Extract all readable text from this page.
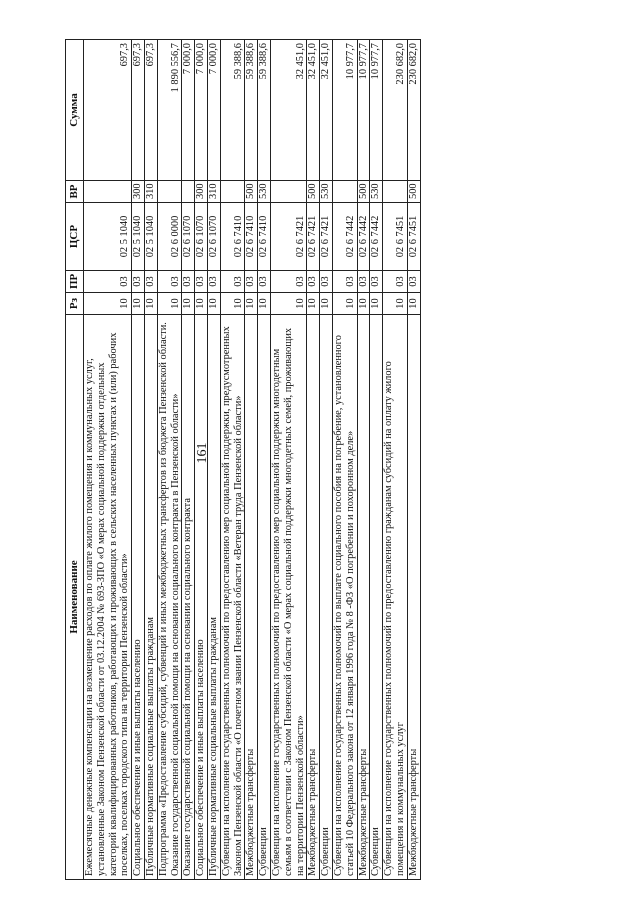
161
Наименование	Рз	ПР	ЦСР	ВР	Сумма
Ежемесячные денежные компенсации на возмещение расходов по оплате жилого помещения и коммунальных услуг, установленные Законом Пензенской области от 03.12.2004 № 693-ЗПО «О мерах социальной поддержки отдельных категорий квалифицированных работников, работающих и проживающих в сельских населенных пунктах и (или) рабочих поселках, поселках городского типа на территории Пензенской области»	10	03	02 5 1040		697,3
Социальное обеспечение и иные выплаты населению	10	03	02 5 1040	300	697,3
Публичные нормативные социальные выплаты гражданам	10	03	02 5 1040	310	697,3
Подпрограмма «Предоставление субсидий, субвенций и иных межбюджетных трансфертов из бюджета Пензенской области. Оказание государственной социальной помощи на основании социального контракта в Пензенской области»	10	03	02 6 0000		1 890 556,7
Оказание государственной социальной помощи на основании социального контракта	10	03	02 6 1070		7 000,0
Социальное обеспечение и иные выплаты населению	10	03	02 6 1070	300	7 000,0
Публичные нормативные социальные выплаты гражданам	10	03	02 6 1070	310	7 000,0
Субвенции на исполнение государственных полномочий по предоставлению мер социальной поддержки, предусмотренных Законом Пензенской области «О почетном звании Пензенской области «Ветеран труда Пензенской области»	10	03	02 6 7410		59 388,6
Межбюджетные трансферты	10	03	02 6 7410	500	59 388,6
Субвенции	10	03	02 6 7410	530	59 388,6
Субвенции на исполнение государственных полномочий по предоставлению мер социальной поддержки многодетным семьям в соответствии с Законом Пензенской области «О мерах социальной поддержки многодетных семей, проживающих на территории Пензенской области»	10	03	02 6 7421		32 451,0
Межбюджетные трансферты	10	03	02 6 7421	500	32 451,0
Субвенции	10	03	02 6 7421	530	32 451,0
Субвенции на исполнение государственных полномочий по выплате социального пособия на погребение, установленного статьей 10 Федерального закона от 12 января 1996 года № 8 -ФЗ «О погребении и похоронном деле»	10	03	02 6 7442		10 977,7
Межбюджетные трансферты	10	03	02 6 7442	500	10 977,7
Субвенции	10	03	02 6 7442	530	10 977,7
Субвенции на исполнение государственных полномочий по предоставлению гражданам субсидий на оплату жилого помещения и коммунальных услуг	10	03	02 6 7451		230 682,0
Межбюджетные трансферты	10	03	02 6 7451	500	230 682,0
